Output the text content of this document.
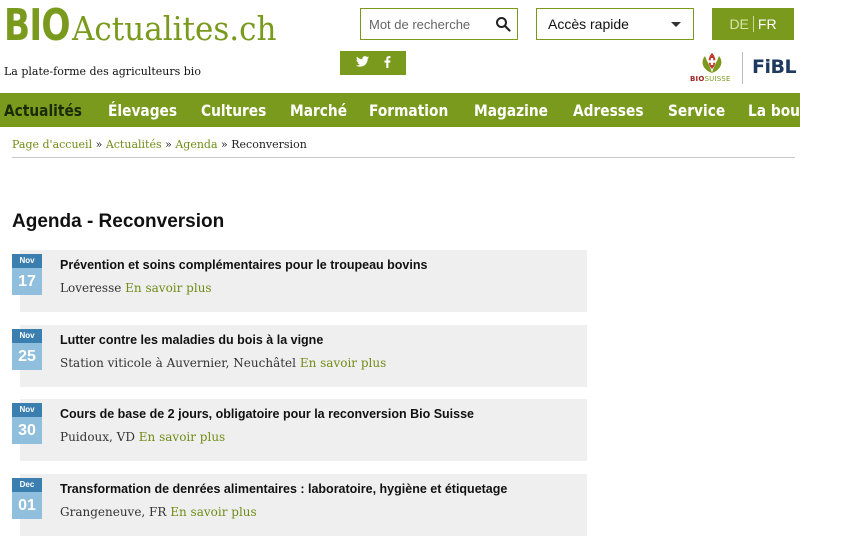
BIOActualites.ch
La plate-forme des agriculteurs bio
Mot de recherche
Accès rapide	DE FR
BIOSUISSE
FiBL
Actualités Élevages Cultures Marché Formation Magazine Adresses Service La bourse bio
Page d'accueil » Actualités » Agenda » Reconversion
Agenda - Reconversion
Nov
17
Prévention et soins complémentaires pour le troupeau bovins
Loveresse En savoir plus
Nov
25
Lutter contre les maladies du bois à la vigne
Station viticole à Auvernier, Neuchâtel En savoir plus
Nov
30
Cours de base de 2 jours, obligatoire pour la reconversion Bio Suisse
Puidoux, VD En savoir plus
Dec
01
Transformation de denrées alimentaires : laboratoire, hygiène et étiquetage
Grangeneuve, FR En savoir plus
